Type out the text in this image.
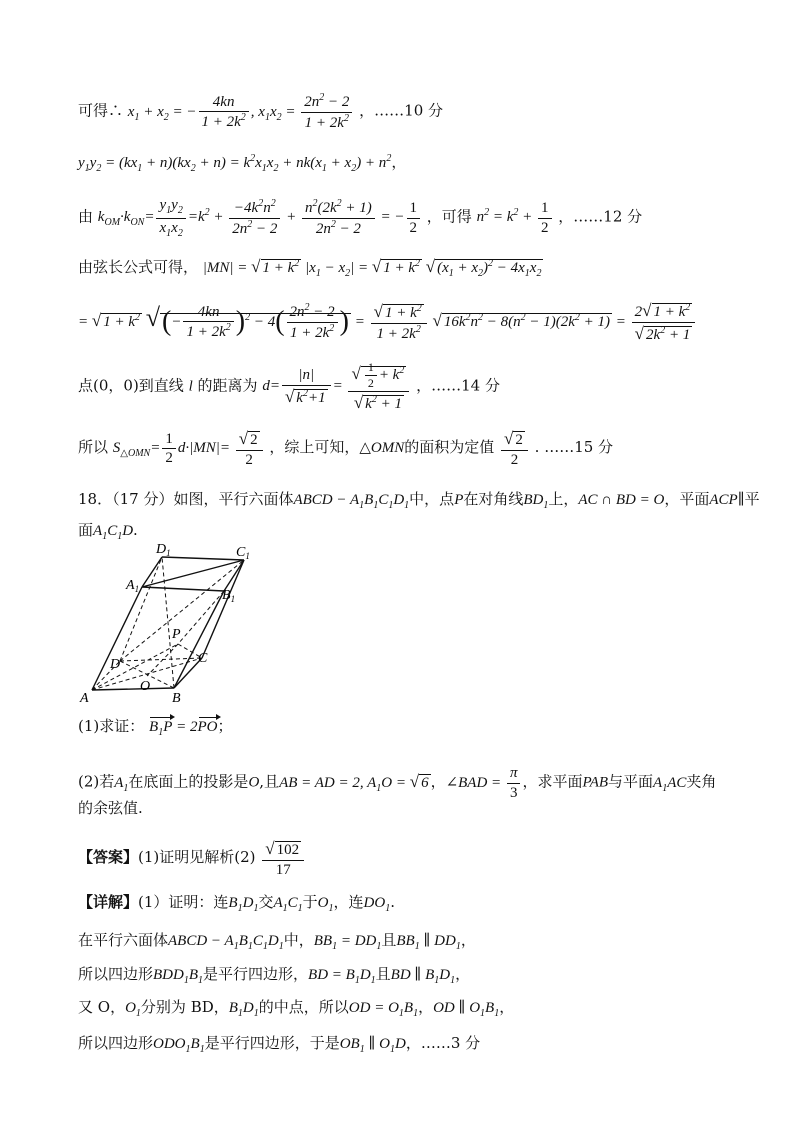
可得∴ $x_1 + x_2$ = − $\frac{4kn}{1 + 2k^2}$ , $x_1x_2 = \frac{2n^2 - 2}{1 + 2k^2}$ ，……10 分
$y_1y_2 = (kx_1 + n)(kx_2 + n) = k^2x_1x_2 + nk(x_1 + x_2) + n^2$，
由 $k_{OM}\cdot k_{ON}= \frac{y_1y_2}{x_1x_2} =k^2 + \frac{-4k^2n^2}{2n^2 - 2} + \frac{n^2(2k^2 + 1)}{2n^2 - 2}$ = − $\frac{1}{2}$ ，可得 $n^2 = k^2 + \frac{1}{2}$ ，……12 分
由弦长公式可得， |MN| = √ $1 + k^2$ $|x_1 - x_2|$ = √ $1 + k^2$ √ $(x_1 + x_2)^2 - 4x_1x_2$
= √ $1 + k^2$ √(− $\frac{4kn}{1 + 2k^2} )^2 - 4( \frac{2n^2 - 2}{1 + 2k^2}$ ) = $\frac{√ 1 + k^2}{1 + 2k^2}$ √ $16k^2n^2 - 8(n^2 - 1)(2k^2 + 1) = \frac{2√ 1 + k^2}{√ 2k^2 + 1}$
点(0，0)到直线 l 的距离为 $d= \frac{|n|}{√ k^2+1} = \frac{√ \frac{1}{2} + k^2}{√ k^2 + 1}$ ，……14 分
所以 $S_{\triangle OMN}= \frac{1}{2} d\cdot|MN|= \frac{√ 2}{2}$ ，综上可知，△OMN的面积为定值 $\frac{√ 2}{2}$ . ……15 分
18．（17 分）如图，平行六面体ABCD − $A_1B_1C_1D_1$中，点P在对角线$BD_1$上，AC ∩ BD = O，平面ACP∥平
面$A_1C_1D$.
A	B
C
D
O
P
$A_1$	$B_1$
$C_1$
$D_1$
(1)求证： $B_1P = 2PO$；
(2)若$A_1$在底面上的投影是O,且AB = AD = 2, $A_1O$ = √ 6 ，∠BAD = $\frac{\pi}{3}$ ，求平面PAB与平面$A_1AC$夹角
的余弦值.
【答案】(1)证明见解析$(2) \frac{√ 102}{17}$
【详解】(1）证明：连$B_1D_1$交$A_1C_1$于$O_1$，连$DO_1$.
在平行六面体ABCD − $A_1B_1C_1D_1$中，$BB_1 = DD_1$且$BB_1$ ∥ $DD_1$，
所以四边形$BDD_1B_1$是平行四边形，BD = $B_1D_1$且BD ∥ $B_1D_1$，
又 O，$O_1$分别为 BD，$B_1D_1$的中点，所以OD = $O_1B_1$，OD ∥ $O_1B_1$，
所以四边形$ODO_1B_1$是平行四边形，于是$OB_1$ ∥ $O_1D$，……3 分
